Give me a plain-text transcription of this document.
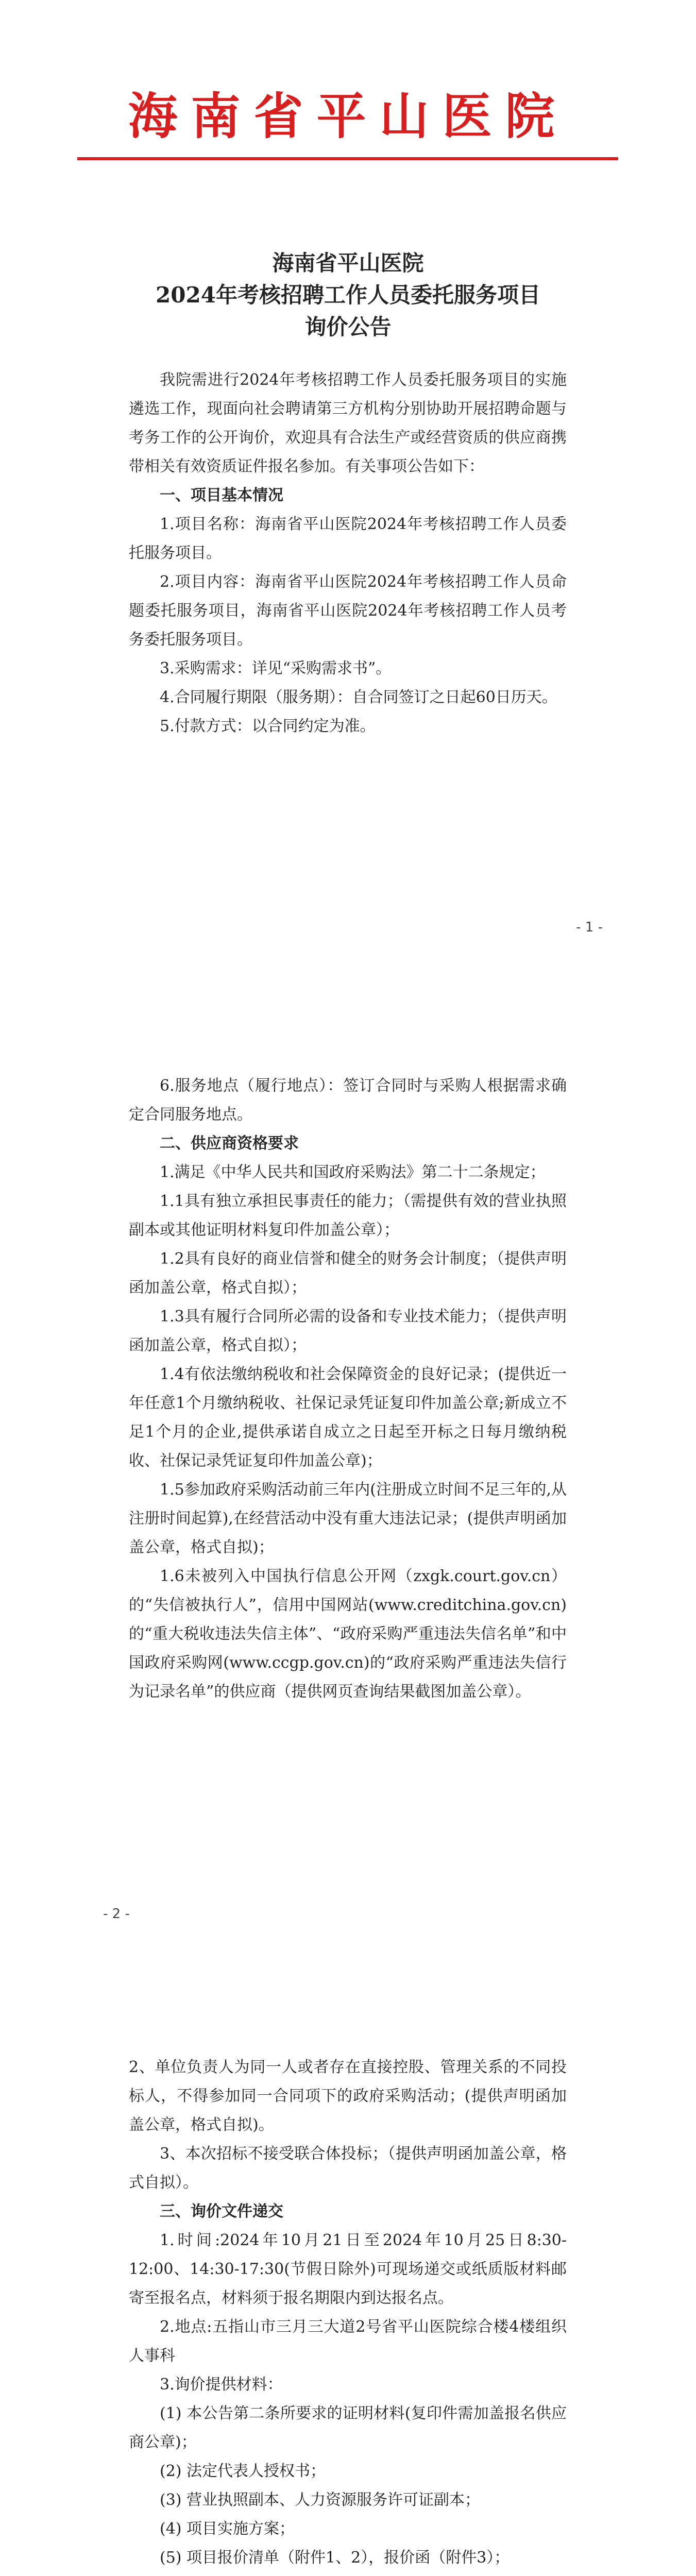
海南省平山医院
海南省平山医院
2024年考核招聘工作人员委托服务项目
询价公告
我院需进行2024年考核招聘工作人员委托服务项目的实施遴选工作，现面向社会聘请第三方机构分别协助开展招聘命题与考务工作的公开询价，欢迎具有合法生产或经营资质的供应商携带相关有效资质证件报名参加。有关事项公告如下：
一、项目基本情况
1.项目名称：海南省平山医院2024年考核招聘工作人员委托服务项目。
2.项目内容：海南省平山医院2024年考核招聘工作人员命题委托服务项目，海南省平山医院2024年考核招聘工作人员考务委托服务项目。
3.采购需求：详见“采购需求书”。
4.合同履行期限（服务期）：自合同签订之日起60日历天。
5.付款方式：以合同约定为准。
- 1 -
6.服务地点（履行地点）：签订合同时与采购人根据需求确定合同服务地点。
二、供应商资格要求
1.满足《中华人民共和国政府采购法》第二十二条规定；
1.1具有独立承担民事责任的能力；（需提供有效的营业执照副本或其他证明材料复印件加盖公章）；
1.2具有良好的商业信誉和健全的财务会计制度；（提供声明函加盖公章，格式自拟）；
1.3具有履行合同所必需的设备和专业技术能力；（提供声明函加盖公章，格式自拟）；
1.4有依法缴纳税收和社会保障资金的良好记录；(提供近一年任意1个月缴纳税收、社保记录凭证复印件加盖公章;新成立不足1个月的企业,提供承诺自成立之日起至开标之日每月缴纳税收、社保记录凭证复印件加盖公章)；
1.5参加政府采购活动前三年内(注册成立时间不足三年的,从注册时间起算),在经营活动中没有重大违法记录；(提供声明函加盖公章，格式自拟)；
1.6未被列入中国执行信息公开网（zxgk.court.gov.cn）的“失信被执行人”，信用中国网站(www.creditchina.gov.cn)的“重大税收违法失信主体”、“政府采购严重违法失信名单”和中国政府采购网(www.ccgp.gov.cn)的“政府采购严重违法失信行为记录名单”的供应商（提供网页查询结果截图加盖公章）。
- 2 -
2、单位负责人为同一人或者存在直接控股、管理关系的不同投标人，不得参加同一合同项下的政府采购活动；(提供声明函加盖公章，格式自拟)。
3、本次招标不接受联合体投标；（提供声明函加盖公章，格式自拟）。
三、询价文件递交
1.时间:2024年10月21日至2024年10月25日8:30-12:00、14:30-17:30(节假日除外)可现场递交或纸质版材料邮寄至报名点，材料须于报名期限内到达报名点。
2.地点:五指山市三月三大道2号省平山医院综合楼4楼组织人事科
3.询价提供材料：
(1) 本公告第二条所要求的证明材料(复印件需加盖报名供应商公章)；
(2) 法定代表人授权书；
(3) 营业执照副本、人力资源服务许可证副本；
(4) 项目实施方案；
(5) 项目报价清单（附件1、2），报价函（附件3）；
